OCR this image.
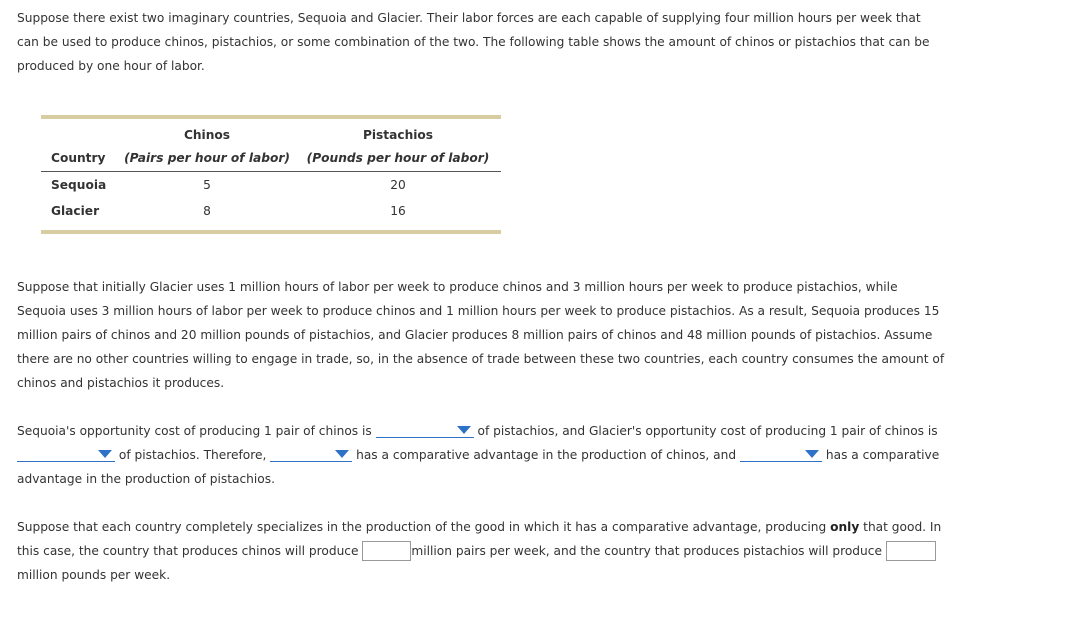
Suppose there exist two imaginary countries, Sequoia and Glacier. Their labor forces are each capable of supplying four million hours per week that can be used to produce chinos, pistachios, or some combination of the two. The following table shows the amount of chinos or pistachios that can be produced by one hour of labor.

	Chinos	Pistachios
Country	(Pairs per hour of labor)	(Pounds per hour of labor)
Sequoia	5	20
Glacier	8	16

Suppose that initially Glacier uses 1 million hours of labor per week to produce chinos and 3 million hours per week to produce pistachios, while Sequoia uses 3 million hours of labor per week to produce chinos and 1 million hours per week to produce pistachios. As a result, Sequoia produces 15 million pairs of chinos and 20 million pounds of pistachios, and Glacier produces 8 million pairs of chinos and 48 million pounds of pistachios. Assume there are no other countries willing to engage in trade, so, in the absence of trade between these two countries, each country consumes the amount of chinos and pistachios it produces.

Sequoia's opportunity cost of producing 1 pair of chinos is	of pistachios, and Glacier's opportunity cost of producing 1 pair of chinos is
of pistachios. Therefore,	has a comparative advantage in the production of chinos, and	has a comparative advantage in the production of pistachios.

Suppose that each country completely specializes in the production of the good in which it has a comparative advantage, producing only that good. In this case, the country that produces chinos will produce	million pairs per week, and the country that produces pistachios will produce million pounds per week.
